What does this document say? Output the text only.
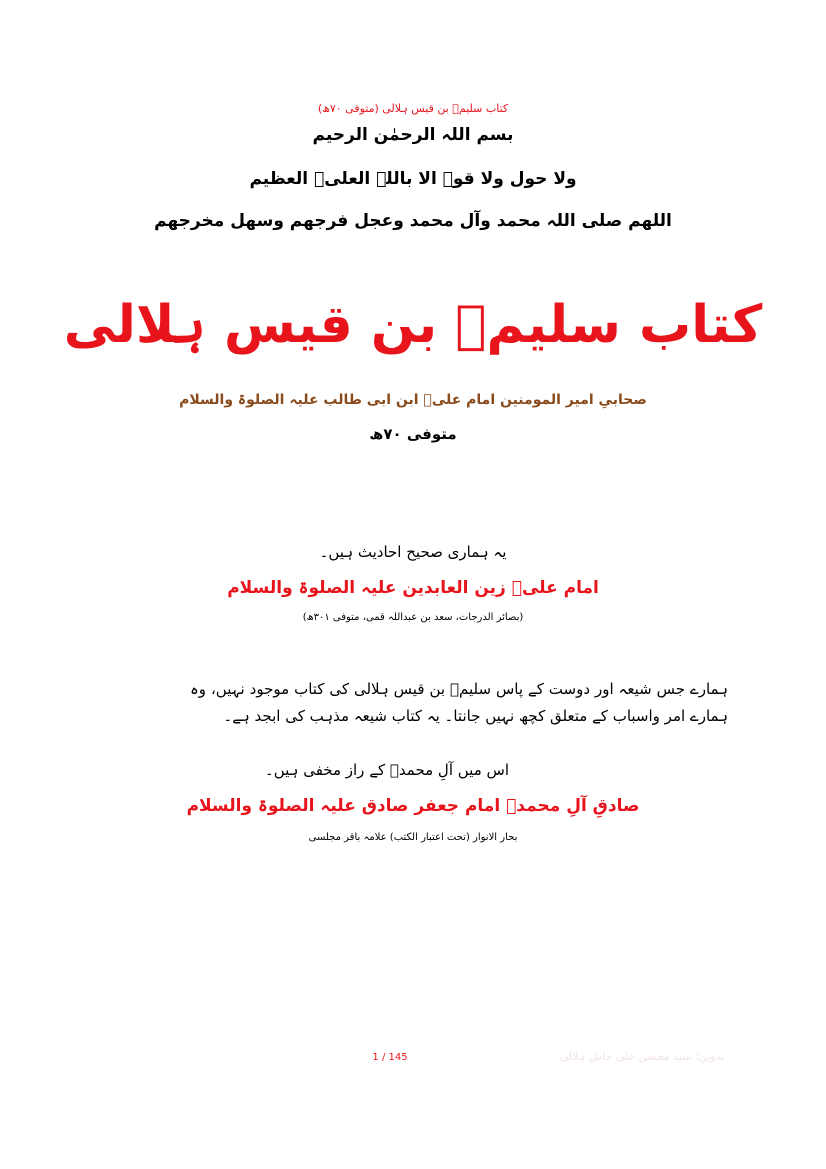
کتاب سلیمؓ بن قیس ہلالی (متوفی ۷۰ھ)
بسم اللہ الرحمٰن الرحیم
ولا حول ولا قوۃ الا باللہ العلیؑ العظیم
اللھم صلی اللہ محمد وآل محمد وعجل فرجھم وسھل مخرجھم
کتاب سلیمؓ بن قیس ہلالی
صحابیِ امیر المومنین امام علیؑ ابن ابی طالب علیہ الصلوۃ والسلام
متوفی ۷۰ھ
یہ ہماری صحیح احادیث ہیں۔
امام علیؑ زین العابدین علیہ الصلوۃ والسلام
(بصائر الدرجات، سعد بن عبداللہ قمی، متوفی ۳۰۱ھ)
ہمارے جس شیعہ اور دوست کے پاس سلیمؓ بن قیس ہلالی کی کتاب موجود نہیں، وہ ہمارے امر واسباب کے متعلق کچھ نہیں جانتا۔ یہ کتاب شیعہ مذہب کی ابجد ہے۔
اس میں آلِ محمدؐ کے راز مخفی ہیں۔
صادقِ آلِ محمدؐ امام جعفر صادق علیہ الصلوۃ والسلام
بحار الانوار (تحت اعتبار الکتب) علامہ باقر مجلسی
1 / 145	تدوین: سید محسن علی جاش ہلالی
